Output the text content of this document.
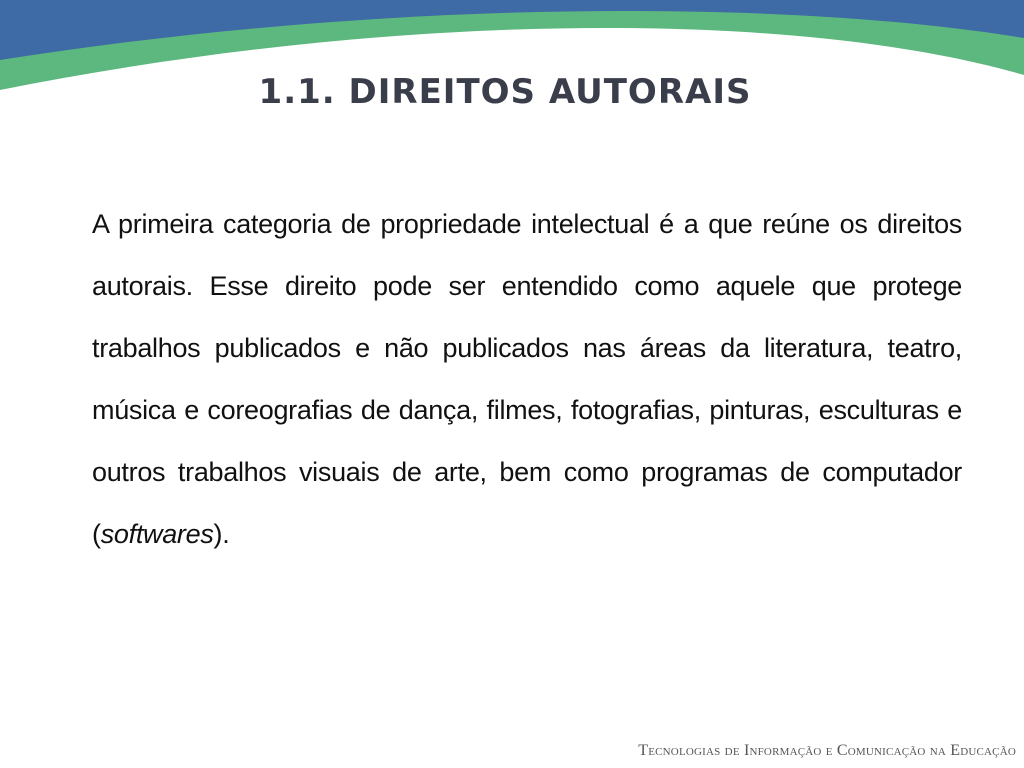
1.1. DIREITOS AUTORAIS

A primeira categoria de propriedade intelectual é a que reúne os direitos autorais. Esse direito pode ser entendido como aquele que protege trabalhos publicados e não publicados nas áreas da literatura, teatro, música e coreografias de dança, filmes, fotografias, pinturas, esculturas e outros trabalhos visuais de arte, bem como programas de computador (softwares).

Tecnologias de Informação e Comunicação na Educação
